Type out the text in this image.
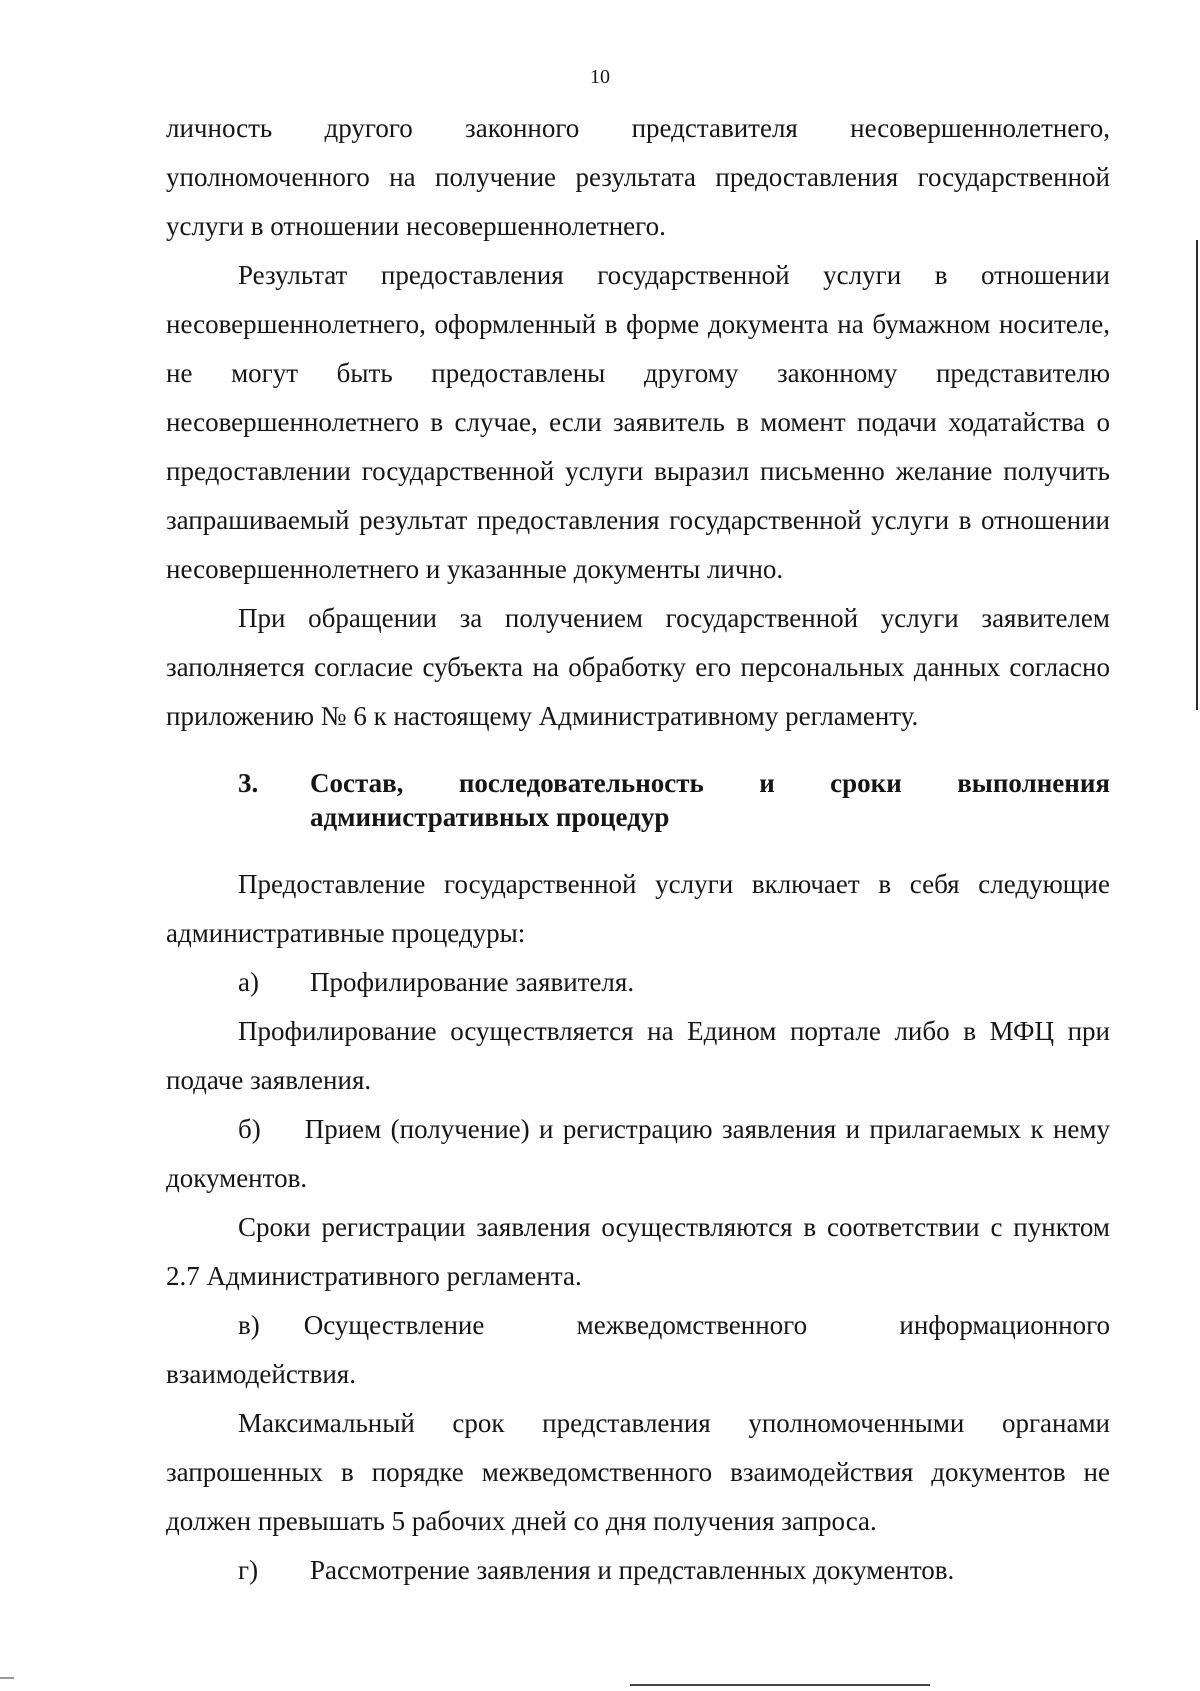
10

личность другого законного представителя несовершеннолетнего, уполномоченного на получение результата предоставления государственной услуги в отношении несовершеннолетнего.

Результат предоставления государственной услуги в отношении несовершеннолетнего, оформленный в форме документа на бумажном носителе, не могут быть предоставлены другому законному представителю несовершеннолетнего в случае, если заявитель в момент подачи ходатайства о предоставлении государственной услуги выразил письменно желание получить запрашиваемый результат предоставления государственной услуги в отношении несовершеннолетнего и указанные документы лично.

При обращении за получением государственной услуги заявителем заполняется согласие субъекта на обработку его персональных данных согласно приложению № 6 к настоящему Административному регламенту.

3.	Состав, последовательность и сроки выполнения административных процедур

Предоставление государственной услуги включает в себя следующие административные процедуры:

а)	Профилирование заявителя.

Профилирование осуществляется на Едином портале либо в МФЦ при подаче заявления.

б) Прием (получение) и регистрацию заявления и прилагаемых к нему документов.

Сроки регистрации заявления осуществляются в соответствии с пунктом 2.7 Административного регламента.

в) Осуществление межведомственного информационного взаимодействия.

Максимальный срок представления уполномоченными органами запрошенных в порядке межведомственного взаимодействия документов не должен превышать 5 рабочих дней со дня получения запроса.

г)	Рассмотрение заявления и представленных документов.
